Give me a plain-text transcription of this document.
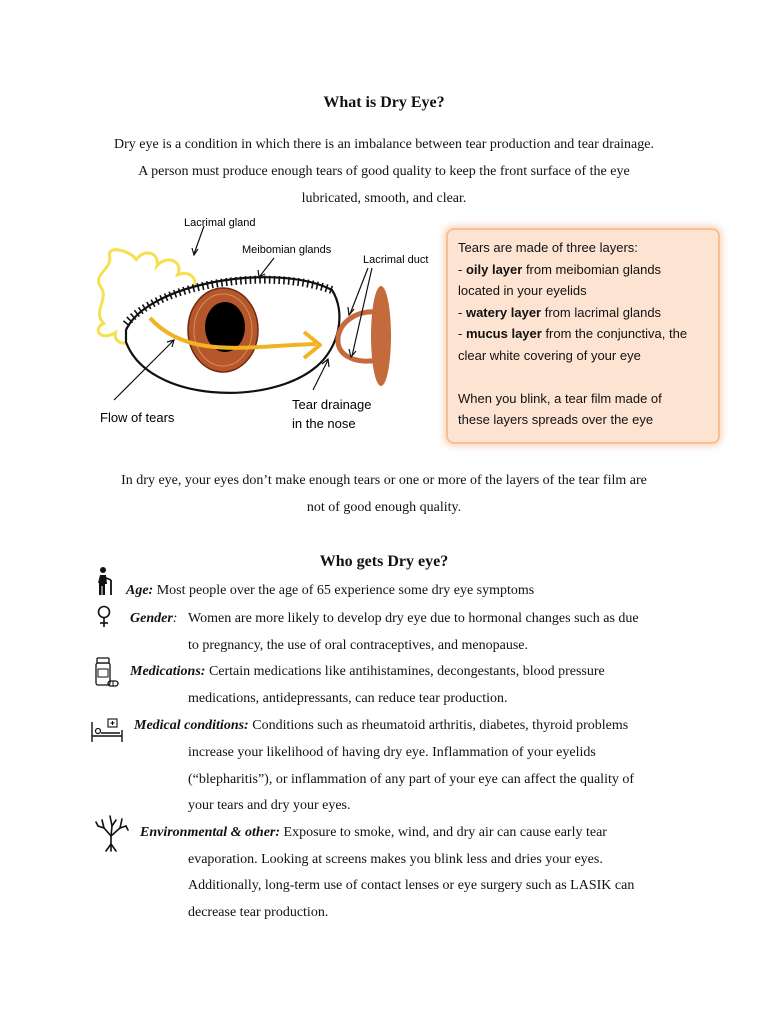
What is Dry Eye?
Dry eye is a condition in which there is an imbalance between tear production and tear drainage.
A person must produce enough tears of good quality to keep the front surface of the eye
lubricated, smooth, and clear.
Lacrimal gland
Meibomian glands
Lacrimal duct
Flow of tears
Tear drainage
in the nose
Tears are made of three layers:
- oily layer from meibomian glands
located in your eyelids
- watery layer from lacrimal glands
- mucus layer from the conjunctiva, the
clear white covering of your eye
When you blink, a tear film made of
these layers spreads over the eye
In dry eye, your eyes don’t make enough tears or one or more of the layers of the tear film are
not of good enough quality.
Who gets Dry eye?
Age: Most people over the age of 65 experience some dry eye symptoms
Gender: Women are more likely to develop dry eye due to hormonal changes such as due
to pregnancy, the use of oral contraceptives, and menopause.
Medications: Certain medications like antihistamines, decongestants, blood pressure
medications, antidepressants, can reduce tear production.
Medical conditions: Conditions such as rheumatoid arthritis, diabetes, thyroid problems
increase your likelihood of having dry eye. Inflammation of your eyelids
(“blepharitis”), or inflammation of any part of your eye can affect the quality of
your tears and dry your eyes.
Environmental & other: Exposure to smoke, wind, and dry air can cause early tear
evaporation. Looking at screens makes you blink less and dries your eyes.
Additionally, long-term use of contact lenses or eye surgery such as LASIK can
decrease tear production.
